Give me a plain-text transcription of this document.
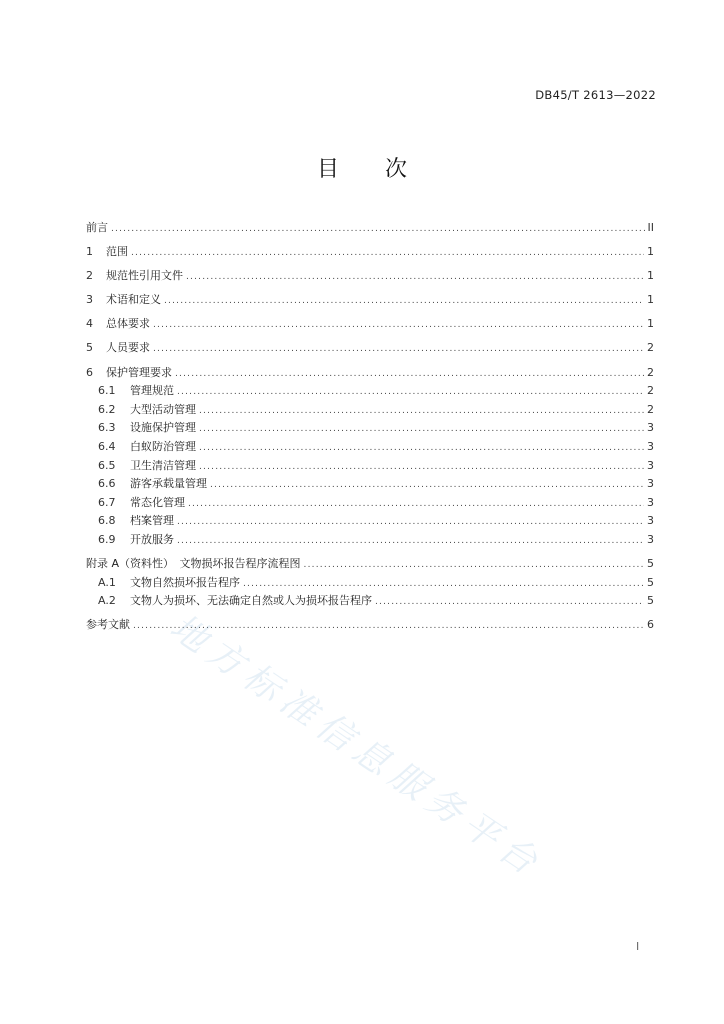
DB45/T 2613—2022
目 次
前言 .....	II
1	范围 .....	1
2	规范性引用文件 .....	1
3	术语和定义 .....	1
4	总体要求 .....	1
5	人员要求 .....	2
6	保护管理要求 .....	2
6.1	管理规范 .....	2
6.2	大型活动管理 .....	2
6.3	设施保护管理 .....	3
6.4	白蚁防治管理 .....	3
6.5	卫生清洁管理 .....	3
6.6	游客承载量管理 .....	3
6.7	常态化管理 .....	3
6.8	档案管理 .....	3
6.9	开放服务 .....	3
附录 A（资料性）　文物损坏报告程序流程图 .....	5
A.1	文物自然损坏报告程序 .....	5
A.2	文物人为损坏、无法确定自然或人为损坏报告程序 .....	5
参考文献 .....	6
地方标准信息服务平台
I
